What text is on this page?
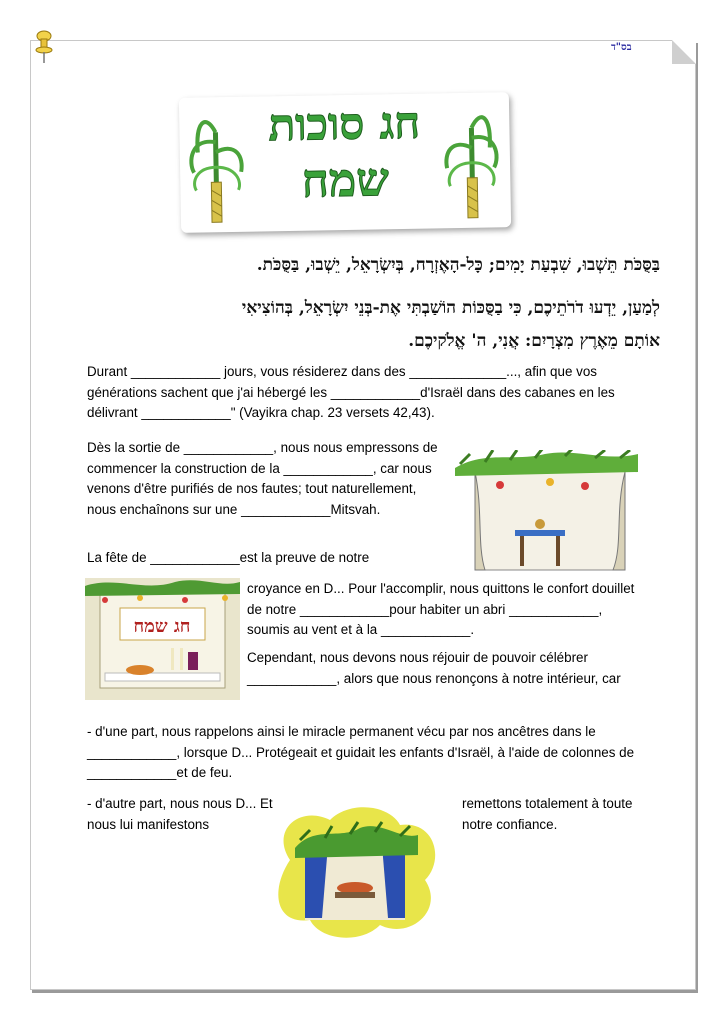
בס"ד
חג סוכות
שמח
בַּסֻּכֹּת תֵּשְׁבוּ, שִׁבְעַת יָמִים; כָּל-הָאֶזְרָח, בְּיִשְׂרָאֵל, יֵשְׁבוּ, בַּסֻּכֹּת.
לְמַעַן, יֵדְעוּ דֹרֹתֵיכֶם, כִּי בַסֻּכּוֹת הוֹשַׁבְתִּי אֶת-בְּנֵי יִשְׂרָאֵל, בְּהוֹצִיאִי
אוֹתָם מֵאֶרֶץ מִצְרָיִם: אֲנִי, ה' אֱלֹקיכֶם.
Durant ____________ jours, vous résiderez dans des _____________..., afin que vos générations sachent que j'ai hébergé les ____________d'Israël dans des cabanes en les délivrant ____________" (Vayikra chap. 23 versets 42,43).
Dès la sortie de ____________, nous nous empressons de commencer la construction de la ____________, car nous venons d'être purifiés de nos fautes; tout naturellement, nous enchaînons sur une ____________Mitsvah.
La fête de ____________est la preuve de notre
croyance en D... Pour l'accomplir, nous quittons le confort douillet de notre ____________pour habiter un abri ____________, soumis au vent et à la ____________.
Cependant, nous devons nous réjouir de pouvoir célébrer ____________, alors que nous renonçons à notre intérieur, car
- d'une part, nous rappelons ainsi le miracle permanent vécu par nos ancêtres dans le ____________, lorsque D... Protégeait et guidait les enfants d'Israël, à l'aide de colonnes de ____________et de feu.
- d'autre part, nous nous D... Et nous lui manifestons
remettons totalement à toute notre confiance.
חג שמח
